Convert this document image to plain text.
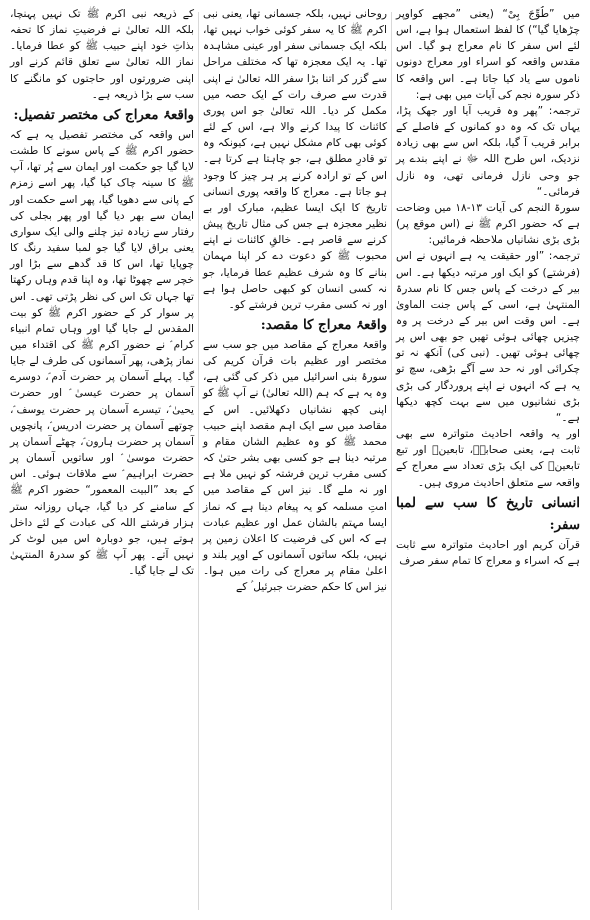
میں ”طُوِّجَ بِیْ“ (یعنی ”مجھے کواوپر چڑھایا گیا“) کا لفظ استعمال ہوا ہے، اس لئے اس سفر کا نام معراج ہو گیا۔ اس مقدس واقعہ کو اسراء اور معراج دونوں ناموں سے یاد کیا جاتا ہے۔ اس واقعہ کا ذکر سورہ نجم کی آیات میں بھی ہے:

ترجمہ: ”پھر وہ قریب آیا اور جھک پڑا، یہاں تک کہ وہ دو کمانوں کے فاصلے کے برابر قریب آ گیا، بلکہ اس سے بھی زیادہ نزدیک، اس طرح اللہ ﷻ نے اپنے بندے پر جو وحی نازل فرمانی تھی، وہ نازل فرمائی۔“

سورۃ النجم کی آیات ۱۳-۱۸ میں وضاحت ہے کہ حضور اکرم ﷺ نے (اس موقع پر) بڑی بڑی نشانیاں ملاحظہ فرمائیں:

ترجمہ: ”اور حقیقت یہ ہے انہوں نے اس (فرشتے) کو ایک اور مرتبہ دیکھا ہے۔ اس بیر کے درخت کے پاس جس کا نام سدرۃ المنتہیٰ ہے، اسی کے پاس جنت الماویٰ ہے۔ اس وقت اس بیر کے درخت پر وہ چیزیں چھائی ہوئی تھیں جو بھی اس پر چھائی ہوئی تھیں۔ (نبی کی) آنکھ نہ تو چکرائی اور نہ حد سے آگے بڑھی، سچ تو یہ ہے کہ انہوں نے اپنے پروردگار کی بڑی بڑی نشانیوں میں سے بہت کچھ دیکھا ہے۔“

اور یہ واقعہ احادیث متواترہ سے بھی ثابت ہے، یعنی صحابہؓ، تابعینؒ اور تبع تابعینؒ کی ایک بڑی تعداد سے معراج کے واقعہ سے متعلق احادیث مروی ہیں۔

انسانی تاریخ کا سب سے لمبا سفر:

قرآن کریم اور احادیث متواترہ سے ثابت ہے کہ اسراء و معراج کا تمام سفر صرف

روحانی نہیں، بلکہ جسمانی تھا، یعنی نبی اکرم ﷺ کا یہ سفر کوئی خواب نہیں تھا، بلکہ ایک جسمانی سفر اور عینی مشاہدہ تھا۔ یہ ایک معجزہ تھا کہ مختلف مراحل سے گزر کر اتنا بڑا سفر اللہ تعالیٰ نے اپنی قدرت سے صرف رات کے ایک حصہ میں مکمل کر دیا۔ اللہ تعالیٰ جو اس پوری کائنات کا پیدا کرنے والا ہے، اس کے لئے کوئی بھی کام مشکل نہیں ہے، کیونکہ وہ تو قادرِ مطلق ہے، جو چاہتا ہے کرتا ہے۔ اس کے تو ارادہ کرنے پر ہر چیز کا وجود ہو جاتا ہے۔ معراج کا واقعہ پوری انسانی تاریخ کا ایک ایسا عظیم، مبارک اور بے نظیر معجزہ ہے جس کی مثال تاریخ پیش کرنے سے قاصر ہے۔ خالقِ کائنات نے اپنے محبوب ﷺ کو دعوت دے کر اپنا مہمان بنانے کا وہ شرف عظیم عطا فرمایا، جو نہ کسی انسان کو کبھی حاصل ہوا ہے اور نہ کسی مقرب ترین فرشتے کو۔

واقعۂ معراج کا مقصد:

واقعۂ معراج کے مقاصد میں جو سب سے مختصر اور عظیم بات قرآن کریم کی سورۂ بنی اسرائیل میں ذکر کی گئی ہے، وہ یہ ہے کہ ہم (اللہ تعالیٰ) نے آپ ﷺ کو اپنی کچھ نشانیاں دکھلائیں۔ اس کے مقاصد میں سے ایک اہم مقصد اپنے حبیب محمد ﷺ کو وہ عظیم الشان مقام و مرتبہ دینا ہے جو کسی بھی بشر حتیٰ کہ کسی مقرب ترین فرشتہ کو نہیں ملا ہے اور نہ ملے گا۔ نیز اس کے مقاصد میں امتِ مسلمہ کو یہ پیغام دینا ہے کہ نماز ایسا مہتم بالشان عمل اور عظیم عبادت ہے کہ اس کی فرضیت کا اعلان زمین پر نہیں، بلکہ ساتوں آسمانوں کے اوپر بلند و اعلیٰ مقام پر معراج کی رات میں ہوا۔ نیز اس کا حکم حضرت جبرئیل ؑ کے

کے ذریعہ نبی اکرم ﷺ تک نہیں پہنچا، بلکہ اللہ تعالیٰ نے فرضیتِ نماز کا تحفہ بذاتِ خود اپنے حبیب ﷺ کو عطا فرمایا۔ نماز اللہ تعالیٰ سے تعلق قائم کرنے اور اپنی ضرورتوں اور حاجتوں کو مانگنے کا سب سے بڑا ذریعہ ہے۔

واقعۂ معراج کی مختصر تفصیل:

اس واقعہ کی مختصر تفصیل یہ ہے کہ حضور اکرم ﷺ کے پاس سونے کا طشت لایا گیا جو حکمت اور ایمان سے پُر تھا، آپ ﷺ کا سینہ چاک کیا گیا، پھر اسے زمزم کے پانی سے دھویا گیا، پھر اسے حکمت اور ایمان سے بھر دیا گیا اور پھر بجلی کی رفتار سے زیادہ تیز چلنے والی ایک سواری یعنی براق لایا گیا جو لمبا سفید رنگ کا چوپایا تھا، اس کا قد گدھے سے بڑا اور خچر سے چھوٹا تھا، وہ اپنا قدم وہاں رکھتا تھا جہاں تک اس کی نظر پڑتی تھی۔ اس پر سوار کر کے حضور اکرم ﷺ کو بیت المقدس لے جایا گیا اور وہاں تمام انبیاء کرام ؑ نے حضور اکرم ﷺ کی اقتداء میں نماز پڑھی، پھر آسمانوں کی طرف لے جایا گیا۔ پہلے آسمان پر حضرت آدم ؑ، دوسرے آسمان پر حضرت عیسیٰ ؑ اور حضرت یحییٰ ؑ، تیسرے آسمان پر حضرت یوسف ؑ، چوتھے آسمان پر حضرت ادریس ؑ، پانچویں آسمان پر حضرت ہارون ؑ، چھٹے آسمان پر حضرت موسیٰ ؑ اور ساتویں آسمان پر حضرت ابراہیم ؑ سے ملاقات ہوئی۔ اس کے بعد ”البیت المعمور“ حضور اکرم ﷺ کے سامنے کر دیا گیا، جہاں روزانہ ستر ہزار فرشتے اللہ کی عبادت کے لئے داخل ہوتے ہیں، جو دوبارہ اس میں لوٹ کر نہیں آتے۔ پھر آپ ﷺ کو سدرۃ المنتہیٰ تک لے جایا گیا۔
